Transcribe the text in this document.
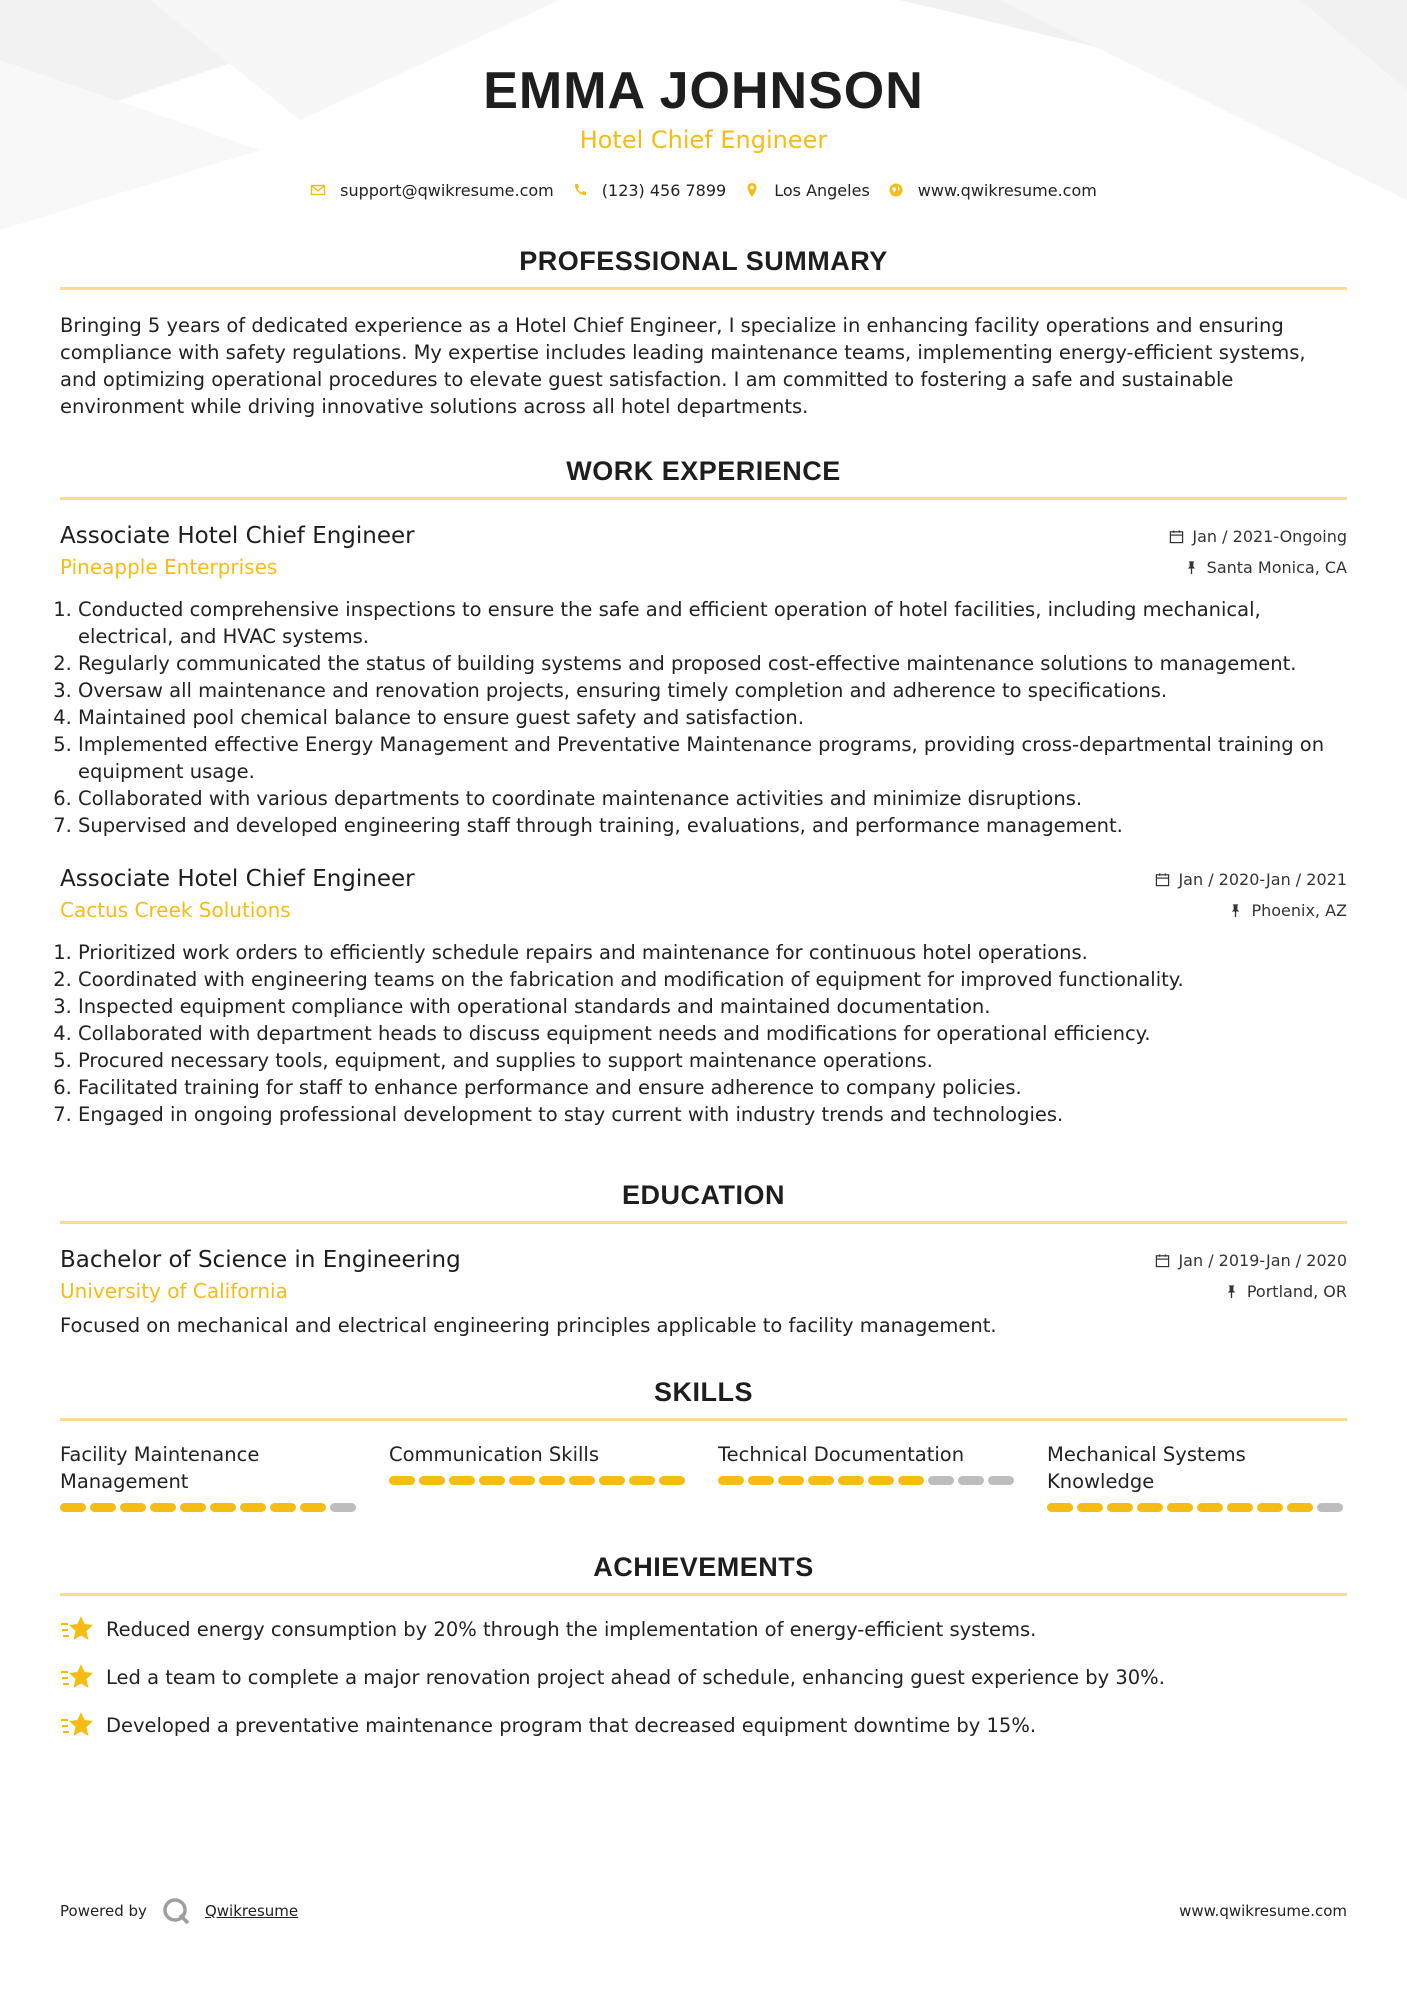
EMMA JOHNSON
Hotel Chief Engineer
support@qwikresume.com	(123) 456 7899	Los Angeles	www.qwikresume.com
PROFESSIONAL SUMMARY

Bringing 5 years of dedicated experience as a Hotel Chief Engineer, I specialize in enhancing facility operations and ensuring compliance with safety regulations. My expertise includes leading maintenance teams, implementing energy-efficient systems, and optimizing operational procedures to elevate guest satisfaction. I am committed to fostering a safe and sustainable environment while driving innovative solutions across all hotel departments.

WORK EXPERIENCE
Associate Hotel Chief Engineer	Jan / 2021-Ongoing
Pineapple Enterprises	Santa Monica, CA
1. Conducted comprehensive inspections to ensure the safe and efficient operation of hotel facilities, including mechanical, electrical, and HVAC systems.
2. Regularly communicated the status of building systems and proposed cost-effective maintenance solutions to management.
3. Oversaw all maintenance and renovation projects, ensuring timely completion and adherence to specifications.
4. Maintained pool chemical balance to ensure guest safety and satisfaction.
5. Implemented effective Energy Management and Preventative Maintenance programs, providing cross-departmental training on equipment usage.
6. Collaborated with various departments to coordinate maintenance activities and minimize disruptions.
7. Supervised and developed engineering staff through training, evaluations, and performance management.
Associate Hotel Chief Engineer	Jan / 2020-Jan / 2021
Cactus Creek Solutions	Phoenix, AZ
1. Prioritized work orders to efficiently schedule repairs and maintenance for continuous hotel operations.
2. Coordinated with engineering teams on the fabrication and modification of equipment for improved functionality.
3. Inspected equipment compliance with operational standards and maintained documentation.
4. Collaborated with department heads to discuss equipment needs and modifications for operational efficiency.
5. Procured necessary tools, equipment, and supplies to support maintenance operations.
6. Facilitated training for staff to enhance performance and ensure adherence to company policies.
7. Engaged in ongoing professional development to stay current with industry trends and technologies.
EDUCATION
Bachelor of Science in Engineering	Jan / 2019-Jan / 2020
University of California	Portland, OR

Focused on mechanical and electrical engineering principles applicable to facility management.

SKILLS
Facility Maintenance Management
Communication Skills	Technical Documentation	Mechanical Systems Knowledge
ACHIEVEMENTS
Reduced energy consumption by 20% through the implementation of energy-efficient systems.
Led a team to complete a major renovation project ahead of schedule, enhancing guest experience by 30%.
Developed a preventative maintenance program that decreased equipment downtime by 15%.
Powered by	Qwikresume	www.qwikresume.com
